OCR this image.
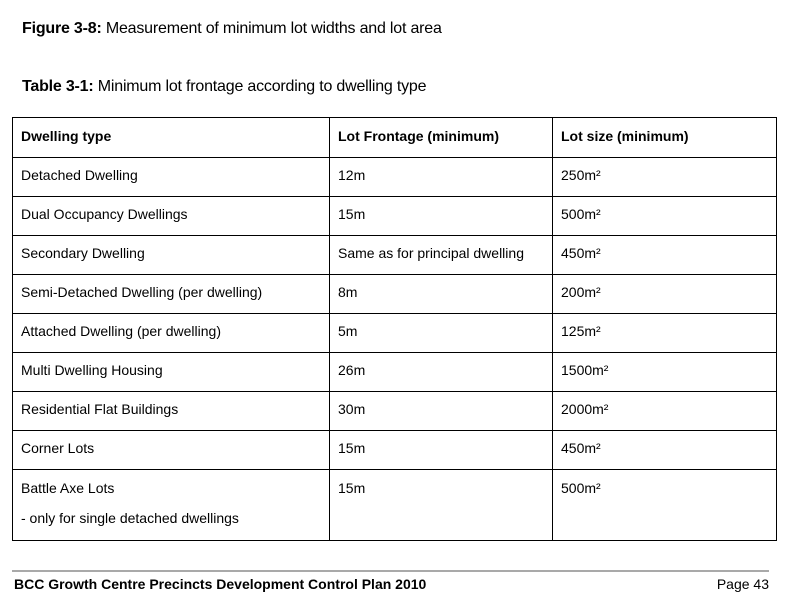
Figure 3-8: Measurement of minimum lot widths and lot area
Table 3-1: Minimum lot frontage according to dwelling type
Dwelling type	Lot Frontage (minimum)	Lot size (minimum)
Detached Dwelling	12m	250m²
Dual Occupancy Dwellings	15m	500m²
Secondary Dwelling	Same as for principal dwelling	450m²
Semi-Detached Dwelling (per dwelling)	8m	200m²
Attached Dwelling (per dwelling)	5m	125m²
Multi Dwelling Housing	26m	1500m²
Residential Flat Buildings	30m	2000m²
Corner Lots	15m	450m²
Battle Axe Lots
- only for single detached dwellings	15m	500m²
BCC Growth Centre Precincts Development Control Plan 2010	Page 43
